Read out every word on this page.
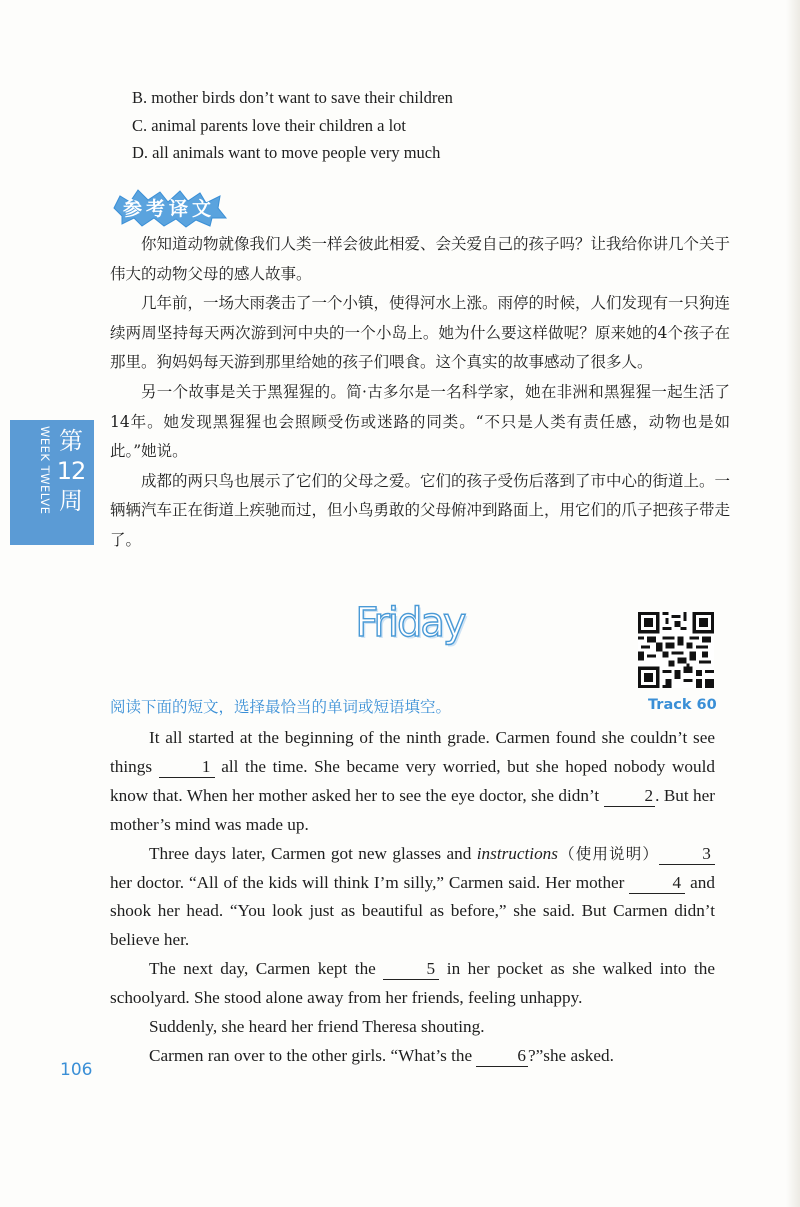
B. mother birds don’t want to save their children
C. animal parents love their children a lot
D. all animals want to move people very much
参考译文

你知道动物就像我们人类一样会彼此相爱、会关爱自己的孩子吗？让我给你讲几个关于伟大的动物父母的感人故事。

几年前，一场大雨袭击了一个小镇，使得河水上涨。雨停的时候，人们发现有一只狗连续两周坚持每天两次游到河中央的一个小岛上。她为什么要这样做呢？原来她的4个孩子在那里。狗妈妈每天游到那里给她的孩子们喂食。这个真实的故事感动了很多人。

另一个故事是关于黑猩猩的。简·古多尔是一名科学家，她在非洲和黑猩猩一起生活了14年。她发现黑猩猩也会照顾受伤或迷路的同类。“不只是人类有责任感，动物也是如此。”她说。

成都的两只鸟也展示了它们的父母之爱。它们的孩子受伤后落到了市中心的街道上。一辆辆汽车正在街道上疾驰而过，但小鸟勇敢的父母俯冲到路面上，用它们的爪子把孩子带走了。

WEEK TWELVE 第
12
周
Friday
阅读下面的短文，选择最恰当的单词或短语填空。	Track 60

It all started at the beginning of the ninth grade. Carmen found she couldn’t see things	1 all the time. She became very worried, but she hoped nobody would know that. When her mother asked her to see the eye doctor, she didn’t 2 . But her mother’s mind was made up.

Three days later, Carmen got new glasses and instructions（使用说明）	3 her doctor. “All of the kids will think I’m silly,” Carmen said. Her mother	4 and shook her head. “You look just as beautiful as before,” she said. But Carmen didn’t believe her.

The next day, Carmen kept the	5 in her pocket as she walked into the schoolyard. She stood alone away from her friends, feeling unhappy.

Suddenly, she heard her friend Theresa shouting.

Carmen ran over to the other girls. “What’s the 6 ?”she asked.

106
